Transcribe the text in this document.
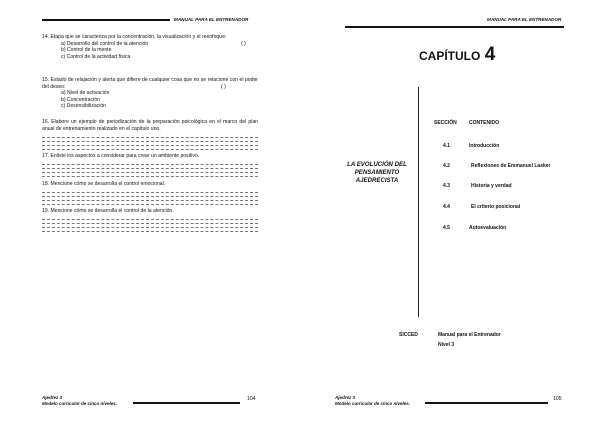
MANUAL PARA EL ENTRENADOR
14. Etapa que se caracteriza por la concentración, la visualización y el reenfoque:
a) Desarrollo del control de la atención
b) Control de la mente
c) Control de la actividad física
( )
15. Estado de relajación y alerta que difiere de cualquier cosa que no se relacione con el poder del deseo:
a) Nivel de activación
b) Concentración
c) Desensibilización
( )
16. Elabore un ejemplo de periodización de la preparación psicológica en el marco del plan anual de entrenamiento realizado en el capítulo uno.
17. Enliste los aspectos a considerar para crear un ambiente positivo.
18. Mencione cómo se desarrolla el control emocional.
19. Mencione cómo se desarrolla el control de la atención.
Ajedrez 3
Modelo curricular de cinco niveles.
104
MANUAL PARA EL ENTRENADOR
CAPÍTULO 4
LA EVOLUCIÓN DEL PENSAMIENTO AJEDRECISTA
SECCIÓN CONTENIDO
4.1	Introducción
4.2	Reflexiones de Emmanuel Lasker
4.3	Historia y verdad
4.4	El criterio posicional
4.5	Autoevaluación
SICCED	Manual para el Entrenador
Nivel 3
Ajedrez 3
Modelo curricular de cinco niveles.
105
